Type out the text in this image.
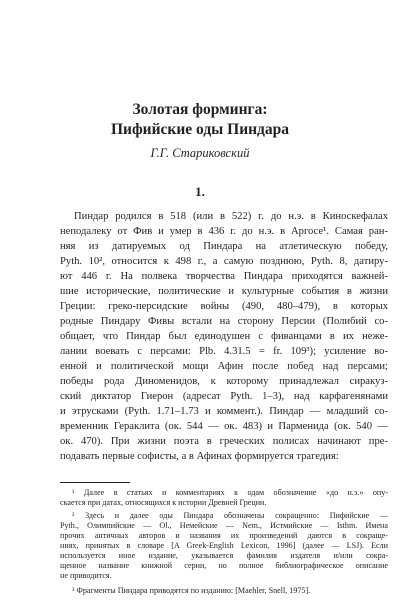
Золотая форминга:
Пифийские оды Пиндара

Г.Г. Стариковский

1.

Пиндар родился в 518 (или в 522) г. до н.э. в Киноскефалах
неподалеку от Фив и умер в 436 г. до н.э. в Аргосе¹. Самая ран-
няя из датируемых од Пиндара на атлетическую победу,
Pyth. 10², относится к 498 г., а самую позднюю, Pyth. 8, датиру-
ют 446 г. На полвека творчества Пиндара приходятся важней-
шие исторические, политические и культурные события в жизни
Греции: греко-персидские войны (490, 480–479), в которых
родные Пиндару Фивы встали на сторону Персии (Полибий со-
общает, что Пиндар был единодушен с фиванцами в их нежe-
лании воевать с персами: Plb. 4.31.5 = fr. 109³); усиление во-
енной и политической мощи Афин после побед над персами;
победы рода Диноменидов, к которому принадлежал сиракуз-
ский диктатор Гиерон (адресат Pyth. 1–3), над карфагенянами
и этрусками (Pyth. 1.71–1.73 и коммент.). Пиндар — младший со-
временник Гераклита (ок. 544 — ок. 483) и Парменида (ок. 540 —
ок. 470). При жизни поэта в греческих полисах начинают пре-
подавать первые софисты, а в Афинах формируется трагедия:
¹ Далее в статьях и комментариях к одам обозначение «до н.э.» опу-
скается при датах, относящихся к истории Древней Греции.
² Здесь и далее оды Пиндара обозначены сокращенно: Пифийские —
Pyth., Олимпийские — Ol., Немейские — Nem., Истмийские — Isthm. Имена
прочих античных авторов и названия их произведений даются в сокраще-
ниях, принятых в словаре [A Greek-English Lexicon, 1996] (далее — LSJ). Если
используется иное издание, указывается фамилия издателя и/или сокра-
щенное название книжной серии, но полное библиографическое описание
не приводится.
³ Фрагменты Пиндара приводятся по изданию: [Maehler, Snell, 1975].
